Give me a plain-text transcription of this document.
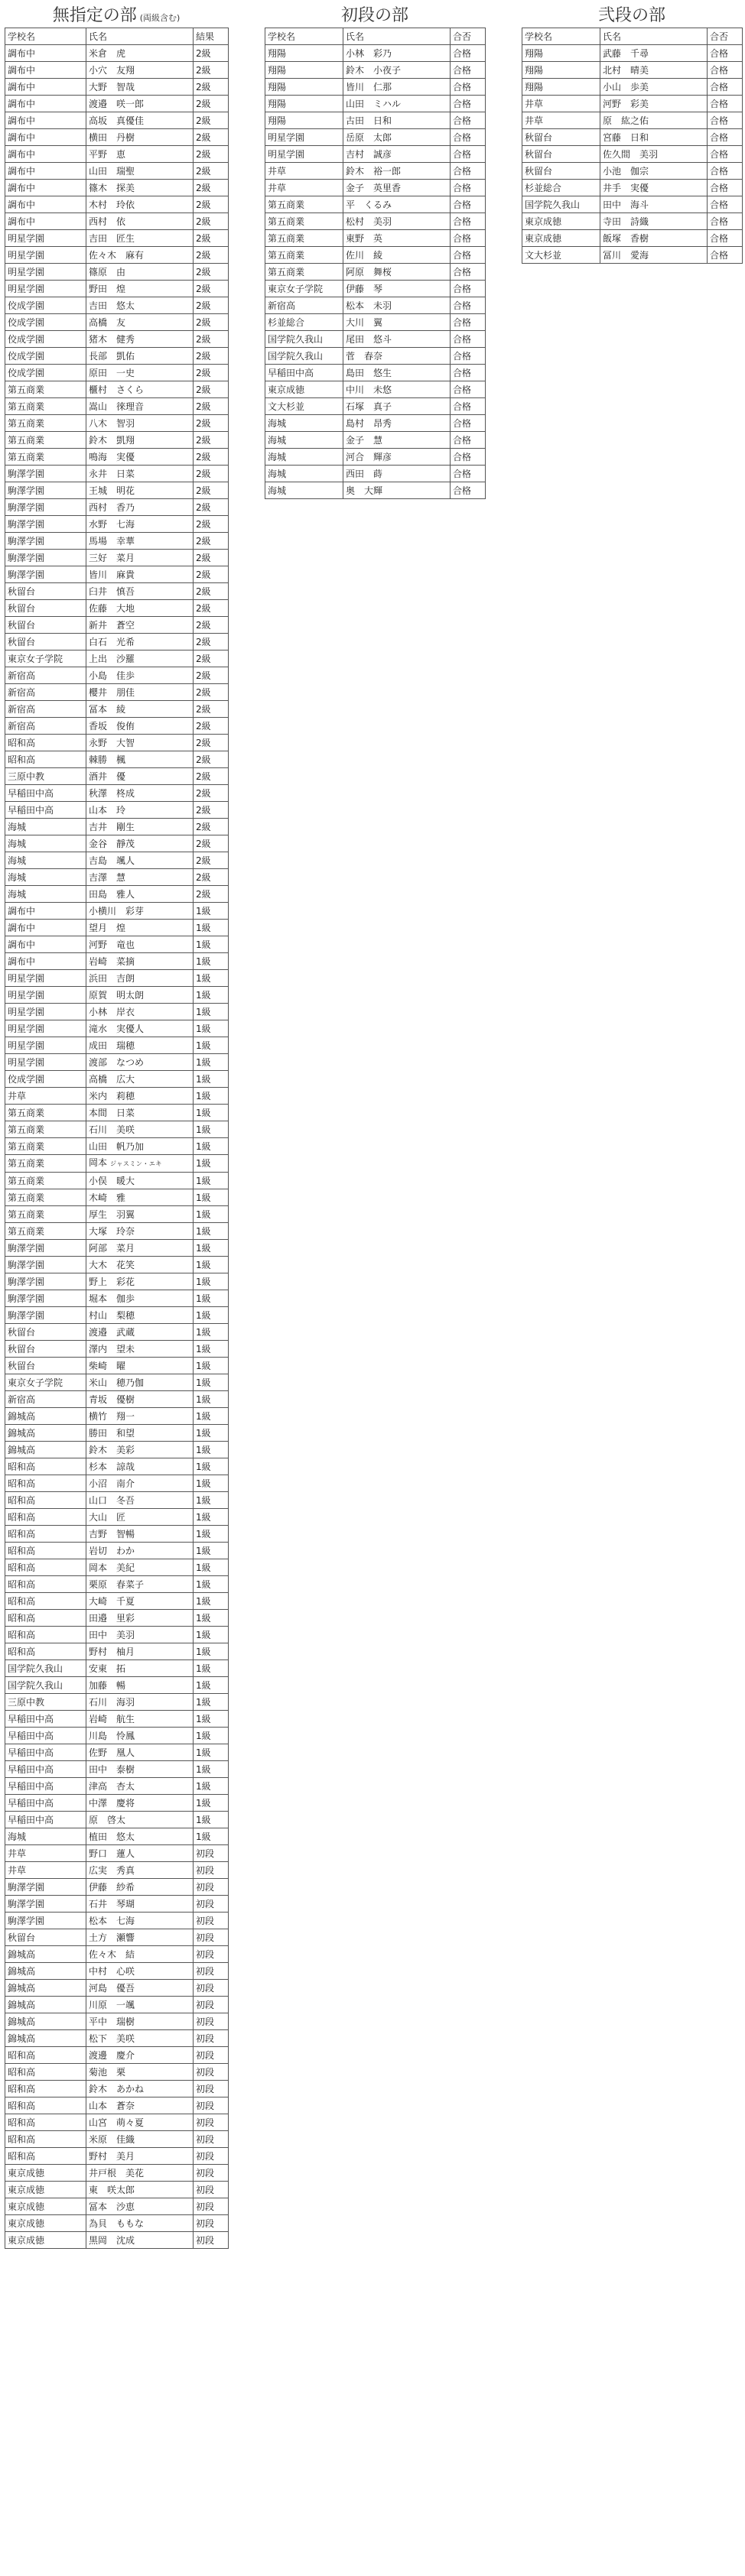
無指定の部 (両級含む)
学校名	氏名	結果
調布中	米倉　虎	2級
調布中	小穴　友翔	2級
調布中	大野　智哉	2級
調布中	渡邉　咲一郎	2級
調布中	高坂　真優佳	2級
調布中	横田　丹樹	2級
調布中	平野　恵	2級
調布中	山田　瑞聖	2級
調布中	篠木　探美	2級
調布中	木村　玲依	2級
調布中	西村　依	2級
明星学園	吉田　匠生	2級
明星学園	佐々木　麻有	2級
明星学園	篠原　由	2級
明星学園	野田　煌	2級
佼成学園	吉田　悠太	2級
佼成学園	高橋　友	2級
佼成学園	猪木　健秀	2級
佼成学園	長部　凱佑	2級
佼成学園	原田　一史	2級
第五商業	櫃村　さくら	2級
第五商業	嵩山　徠理音	2級
第五商業	八木　智羽	2級
第五商業	鈴木　凱翔	2級
第五商業	鳴海　実優	2級
駒澤学園	永井　日菜	2級
駒澤学園	王城　明花	2級
駒澤学園	西村　香乃	2級
駒澤学園	水野　七海	2級
駒澤学園	馬場　幸華	2級
駒澤学園	三好　菜月	2級
駒澤学園	皆川　麻貴	2級
秋留台	臼井　慎吾	2級
秋留台	佐藤　大地	2級
秋留台	新井　蒼空	2級
秋留台	白石　光希	2級
東京女子学院	上出　沙羅	2級
新宿高	小島　佳歩	2級
新宿高	櫻井　朋佳	2級
新宿高	冨本　綾	2級
新宿高	香坂　俊侑	2級
昭和高	永野　大智	2級
昭和高	棘勝　楓	2級
三原中教	酒井　優	2級
早稲田中高	秋澤　柊成	2級
早稲田中高	山本　玲	2級
海城	吉井　剛生	2級
海城	金谷　靜茂	2級
海城	吉島　颯人	2級
海城	吉澤　慧	2級
海城	田島　雅人	2級
調布中	小横川　彩芽	1級
調布中	望月　煌	1級
調布中	河野　竜也	1級
調布中	岩崎　菜摘	1級
明星学園	浜田　吉朗	1級
明星学園	原賀　明太朗	1級
明星学園	小林　岸衣	1級
明星学園	滝水　実優人	1級
明星学園	成田　瑞穂	1級
明星学園	渡部　なつめ	1級
佼成学園	高橋　広大	1級
井草	米内　莉穂	1級
第五商業	本間　日菜	1級
第五商業	石川　美咲	1級
第五商業	山田　帆乃加	1級
第五商業	岡本 ジャスミン・エキ	1級
第五商業	小俣　暖大	1級
第五商業	木崎　雅	1級
第五商業	厚生　羽翼	1級
第五商業	大塚　玲奈	1級
駒澤学園	阿部　菜月	1級
駒澤学園	大木　花笑	1級
駒澤学園	野上　彩花	1級
駒澤学園	堀本　伽歩	1級
駒澤学園	村山　梨穂	1級
秋留台	渡邉　武蔵	1級
秋留台	澤内　望未	1級
秋留台	柴崎　曜	1級
東京女子学院	米山　穂乃伽	1級
新宿高	青坂　優樹	1級
錦城高	横竹　翔一	1級
錦城高	勝田　和望	1級
錦城高	鈴木　美彩	1級
昭和高	杉本　諒哉	1級
昭和高	小沼　南介	1級
昭和高	山口　冬吾	1級
昭和高	大山　匠	1級
昭和高	吉野　智暢	1級
昭和高	岩切　わか	1級
昭和高	岡本　美紀	1級
昭和高	栗原　春菜子	1級
昭和高	大崎　千夏	1級
昭和高	田邉　里彩	1級
昭和高	田中　美羽	1級
昭和高	野村　柚月	1級
国学院久我山	安東　拓	1級
国学院久我山	加藤　暢	1級
三原中教	石川　海羽	1級
早稲田中高	岩崎　航生	1級
早稲田中高	川島　怜鳳	1級
早稲田中高	佐野　凰人	1級
早稲田中高	田中　泰樹	1級
早稲田中高	津高　杏太	1級
早稲田中高	中澤　慶将	1級
早稲田中高	原　啓太	1級
海城	植田　悠太	1級
井草	野口　蓮人	初段
井草	広実　秀真	初段
駒澤学園	伊藤　紗希	初段
駒澤学園	石井　琴瑚	初段
駒澤学園	松本　七海	初段
秋留台	土方　瀬響	初段
錦城高	佐々木　結	初段
錦城高	中村　心咲	初段
錦城高	河島　優吾	初段
錦城高	川原　一颯	初段
錦城高	平中　瑞樹	初段
錦城高	松下　美咲	初段
昭和高	渡邊　慶介	初段
昭和高	菊池　栗	初段
昭和高	鈴木　あかね	初段
昭和高	山本　蒼奈	初段
昭和高	山宮　萌々夏	初段
昭和高	米原　佳織	初段
昭和高	野村　美月	初段
東京成徳	井戸根　美花	初段
東京成徳	東　咲太郎	初段
東京成徳	冨本　沙恵	初段
東京成徳	為貝　ももな	初段
東京成徳	黒岡　沈成	初段
初段の部
学校名	氏名	合否
翔陽	小林　彩乃	合格
翔陽	鈴木　小夜子	合格
翔陽	皆川　仁那	合格
翔陽	山田　ミハル	合格
翔陽	古田　日和	合格
明星学園	岳原　太郎	合格
明星学園	吉村　誠彦	合格
井草	鈴木　裕一郎	合格
井草	金子　英里香	合格
第五商業	平　くるみ	合格
第五商業	松村　美羽	合格
第五商業	東野　英	合格
第五商業	佐川　綾	合格
第五商業	阿原　舞桜	合格
東京女子学院	伊藤　琴	合格
新宿高	松本　未羽	合格
杉並総合	大川　翼	合格
国学院久我山	尾田　悠斗	合格
国学院久我山	菅　春奈	合格
早稲田中高	島田　悠生	合格
東京成徳	中川　未悠	合格
文大杉並	石塚　真子	合格
海城	島村　昂秀	合格
海城	金子　慧	合格
海城	河合　輝彦	合格
海城	西田　蒔	合格
海城	奥　大輝	合格
弐段の部
学校名	氏名	合否
翔陽	武藤　千尋	合格
翔陽	北村　晴美	合格
翔陽	小山　歩美	合格
井草	河野　彩美	合格
井草	原　紘之佑	合格
秋留台	宮藤　日和	合格
秋留台	佐久間　美羽	合格
秋留台	小池　伽宗	合格
杉並総合	井手　実優	合格
国学院久我山	田中　海斗	合格
東京成徳	寺田　詩織	合格
東京成徳	飯塚　香樹	合格
文大杉並	冨川　愛海	合格
